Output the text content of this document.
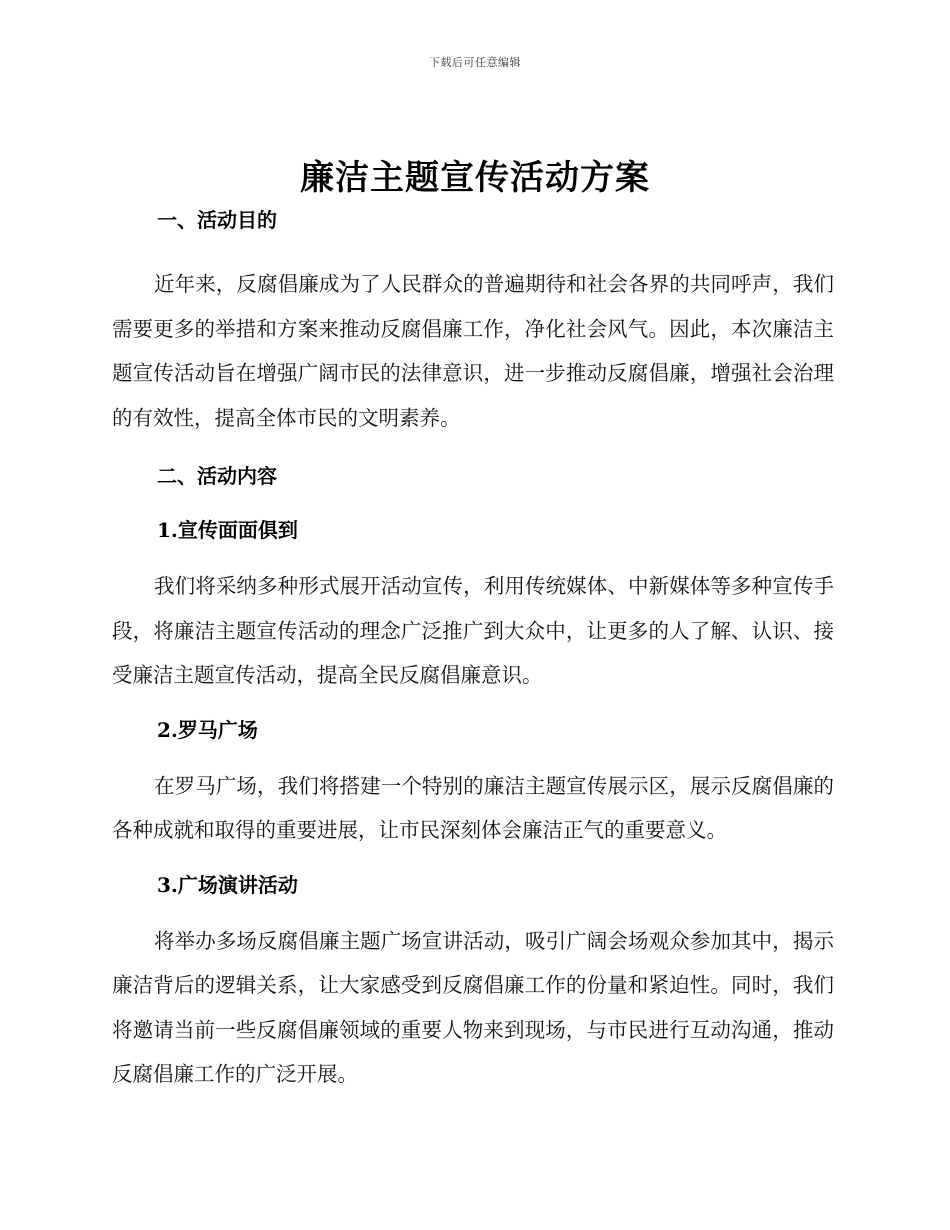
下载后可任意编辑
廉洁主题宣传活动方案
一、活动目的

近年来，反腐倡廉成为了人民群众的普遍期待和社会各界的共同呼声，我们需要更多的举措和方案来推动反腐倡廉工作，净化社会风气。因此，本次廉洁主题宣传活动旨在增强广阔市民的法律意识，进一步推动反腐倡廉，增强社会治理的有效性，提高全体市民的文明素养。

二、活动内容
1.宣传面面俱到

我们将采纳多种形式展开活动宣传，利用传统媒体、中新媒体等多种宣传手段，将廉洁主题宣传活动的理念广泛推广到大众中，让更多的人了解、认识、接受廉洁主题宣传活动，提高全民反腐倡廉意识。

2.罗马广场

在罗马广场，我们将搭建一个特别的廉洁主题宣传展示区，展示反腐倡廉的各种成就和取得的重要进展，让市民深刻体会廉洁正气的重要意义。

3.广场演讲活动

将举办多场反腐倡廉主题广场宣讲活动，吸引广阔会场观众参加其中，揭示廉洁背后的逻辑关系，让大家感受到反腐倡廉工作的份量和紧迫性。同时，我们将邀请当前一些反腐倡廉领域的重要人物来到现场，与市民进行互动沟通，推动反腐倡廉工作的广泛开展。
